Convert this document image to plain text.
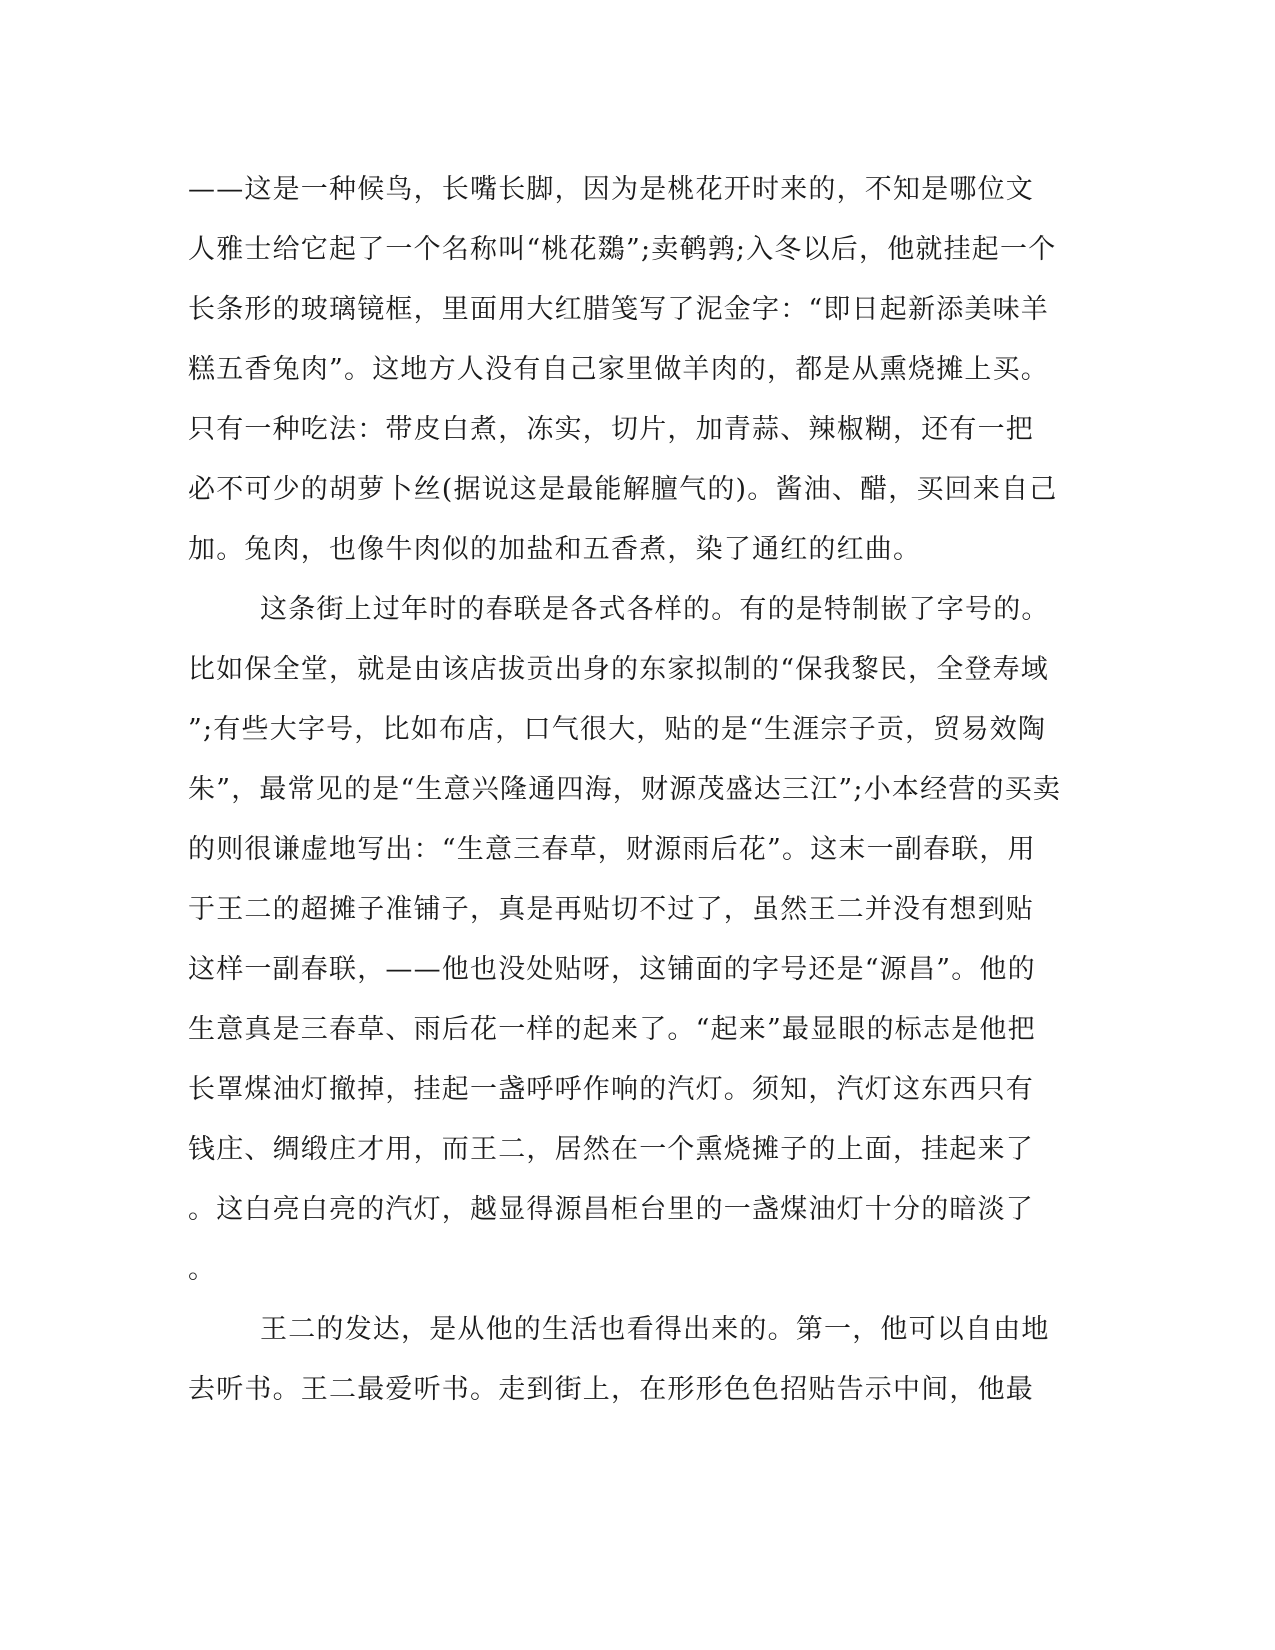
——这是一种候鸟，长嘴长脚，因为是桃花开时来的，不知是哪位文
人雅士给它起了一个名称叫“桃花鵽”;卖鹌鹑;入冬以后，他就挂起一个
长条形的玻璃镜框，里面用大红腊笺写了泥金字：“即日起新添美味羊
糕五香兔肉”。这地方人没有自己家里做羊肉的，都是从熏烧摊上买。
只有一种吃法：带皮白煮，冻实，切片，加青蒜、辣椒糊，还有一把
必不可少的胡萝卜丝(据说这是最能解膻气的)。酱油、醋，买回来自己
加。兔肉，也像牛肉似的加盐和五香煮，染了通红的红曲。
这条街上过年时的春联是各式各样的。有的是特制嵌了字号的。
比如保全堂，就是由该店拔贡出身的东家拟制的“保我黎民，全登寿域
”;有些大字号，比如布店，口气很大，贴的是“生涯宗子贡，贸易效陶
朱”，最常见的是“生意兴隆通四海，财源茂盛达三江”;小本经营的买卖
的则很谦虚地写出：“生意三春草，财源雨后花”。这末一副春联，用
于王二的超摊子准铺子，真是再贴切不过了，虽然王二并没有想到贴
这样一副春联，——他也没处贴呀，这铺面的字号还是“源昌”。他的
生意真是三春草、雨后花一样的起来了。“起来”最显眼的标志是他把
长罩煤油灯撤掉，挂起一盏呼呼作响的汽灯。须知，汽灯这东西只有
钱庄、绸缎庄才用，而王二，居然在一个熏烧摊子的上面，挂起来了
。这白亮白亮的汽灯，越显得源昌柜台里的一盏煤油灯十分的暗淡了
。
王二的发达，是从他的生活也看得出来的。第一，他可以自由地
去听书。王二最爱听书。走到街上，在形形色色招贴告示中间，他最
